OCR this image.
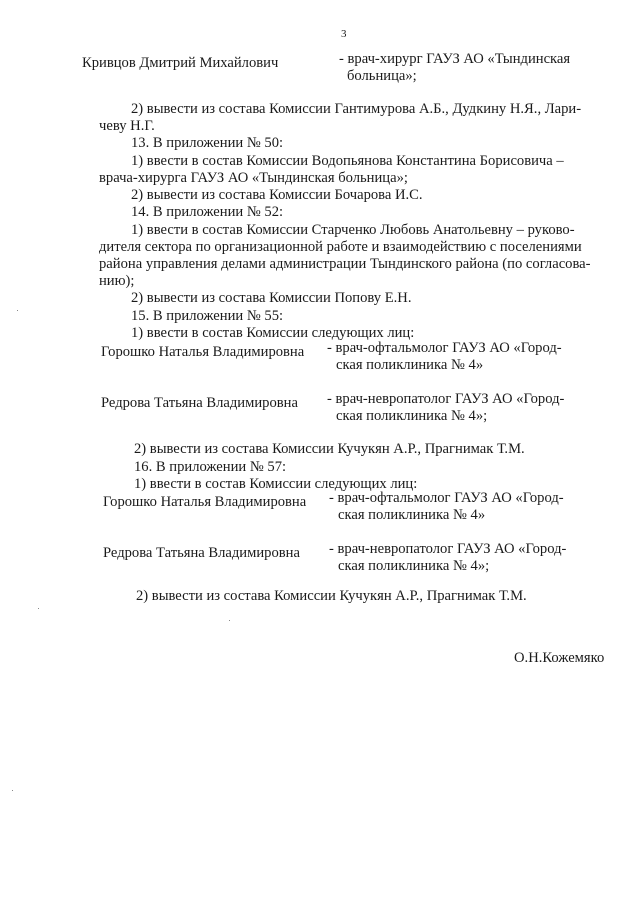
3
Кривцов Дмитрий Михайлович	- врач-хирург ГАУЗ АО «Тындинская
больница»;
2) вывести из состава Комиссии Гантимурова А.Б., Дудкину Н.Я., Лари-
чеву Н.Г.
13. В приложении № 50:
1) ввести в состав Комиссии Водопьянова Константина Борисовича –
врача-хирурга ГАУЗ АО «Тындинская больница»;
2) вывести из состава Комиссии Бочарова И.С.
14. В приложении № 52:
1) ввести в состав Комиссии Старченко Любовь Анатольевну – руково-
дителя сектора по организационной работе и взаимодействию с поселениями
района управления делами администрации Тындинского района (по согласова-
нию);
2) вывести из состава Комиссии Попову Е.Н.
15. В приложении № 55:
1) ввести в состав Комиссии следующих лиц:
Горошко Наталья Владимировна - врач-офтальмолог ГАУЗ АО «Город-
ская поликлиника № 4»
Редрова Татьяна Владимировна - врач-невропатолог ГАУЗ АО «Город-
ская поликлиника № 4»;
2) вывести из состава Комиссии Кучукян А.Р., Прагнимак Т.М.
16. В приложении № 57:
1) ввести в состав Комиссии следующих лиц:
Горошко Наталья Владимировна - врач-офтальмолог ГАУЗ АО «Город-
ская поликлиника № 4»
Редрова Татьяна Владимировна - врач-невропатолог ГАУЗ АО «Город-
ская поликлиника № 4»;
2) вывести из состава Комиссии Кучукян А.Р., Прагнимак Т.М.
О.Н.Кожемяко
